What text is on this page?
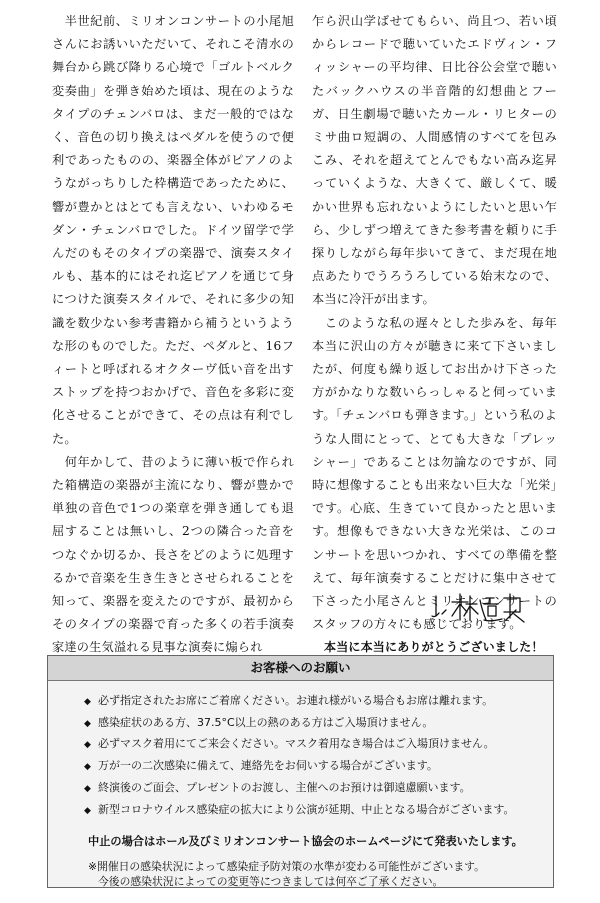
　半世紀前、ミリオンコンサートの小尾旭さんにお誘いいただいて、それこそ清水の舞台から跳び降りる心境で「ゴルトベルク変奏曲」を弾き始めた頃は、現在のようなタイプのチェンバロは、まだ一般的ではなく、音色の切り換えはペダルを使うので便利であったものの、楽器全体がピアノのようながっちりした枠構造であったために、響が豊かとはとても言えない、いわゆるモダン・チェンバロでした。ドイツ留学で学んだのもそのタイプの楽器で、演奏スタイルも、基本的にはそれ迄ピアノを通じて身につけた演奏スタイルで、それに多少の知識を数少ない参考書籍から補うというような形のものでした。ただ、ペダルと、16フィートと呼ばれるオクターヴ低い音を出すストップを持つおかげで、音色を多彩に変化させることができて、その点は有利でした。

　何年かして、昔のように薄い板で作られた箱構造の楽器が主流になり、響が豊かで単独の音色で1つの楽章を弾き通しても退屈することは無いし、2つの隣合った音をつなぐか切るか、長さをどのように処理するかで音楽を生き生きとさせられることを知って、楽器を変えたのですが、最初からそのタイプの楽器で育った多くの若手演奏家達の生気溢れる見事な演奏に煽られ

乍ら沢山学ばせてもらい、尚且つ、若い頃からレコードで聴いていたエドヴィン・フィッシャーの平均律、日比谷公会堂で聴いたバックハウスの半音階的幻想曲とフーガ、日生劇場で聴いたカール・リヒターのミサ曲ロ短調の、人間感情のすべてを包みこみ、それを超えてとんでもない高み迄昇っていくような、大きくて、厳しくて、暖かい世界も忘れないようにしたいと思い乍ら、少しずつ増えてきた参考書を頼りに手探りしながら毎年歩いてきて、まだ現在地点あたりでうろうろしている始末なので、本当に冷汗が出ます。

　このような私の遅々とした歩みを、毎年本当に沢山の方々が聴きに来て下さいましたが、何度も繰り返してお出かけ下さった方がかなりな数いらっしゃると伺っています。「チェンバロも弾きます。」という私のような人間にとって、とても大きな「プレッシャー」であることは勿論なのですが、同時に想像することも出来ない巨大な「光栄」です。心底、生きていて良かったと思います。想像もできない大きな光栄は、このコンサートを思いつかれ、すべての準備を整えて、毎年演奏することだけに集中させて下さった小尾さんとミリオンコンサートのスタッフの方々にも感じております。

本当に本当にありがとうございました！

お客様へのお願い
◆ 必ず指定されたお席にご着席ください。お連れ様がいる場合もお席は離れます。
◆ 感染症状のある方、37.5°C以上の熱のある方はご入場頂けません。
◆ 必ずマスク着用にてご来会ください。マスク着用なき場合はご入場頂けません。
◆ 万が一の二次感染に備えて、連絡先をお伺いする場合がございます。
◆ 終演後のご面会、プレゼントのお渡し、主催へのお預けは御遠慮願います。
◆ 新型コロナウイルス感染症の拡大により公演が延期、中止となる場合がございます。
中止の場合はホール及びミリオンコンサート協会のホームページにて発表いたします。
※開催日の感染状況によって感染症予防対策の水準が変わる可能性がございます。
今後の感染状況によっての変更等につきましては何卒ご了承ください。
